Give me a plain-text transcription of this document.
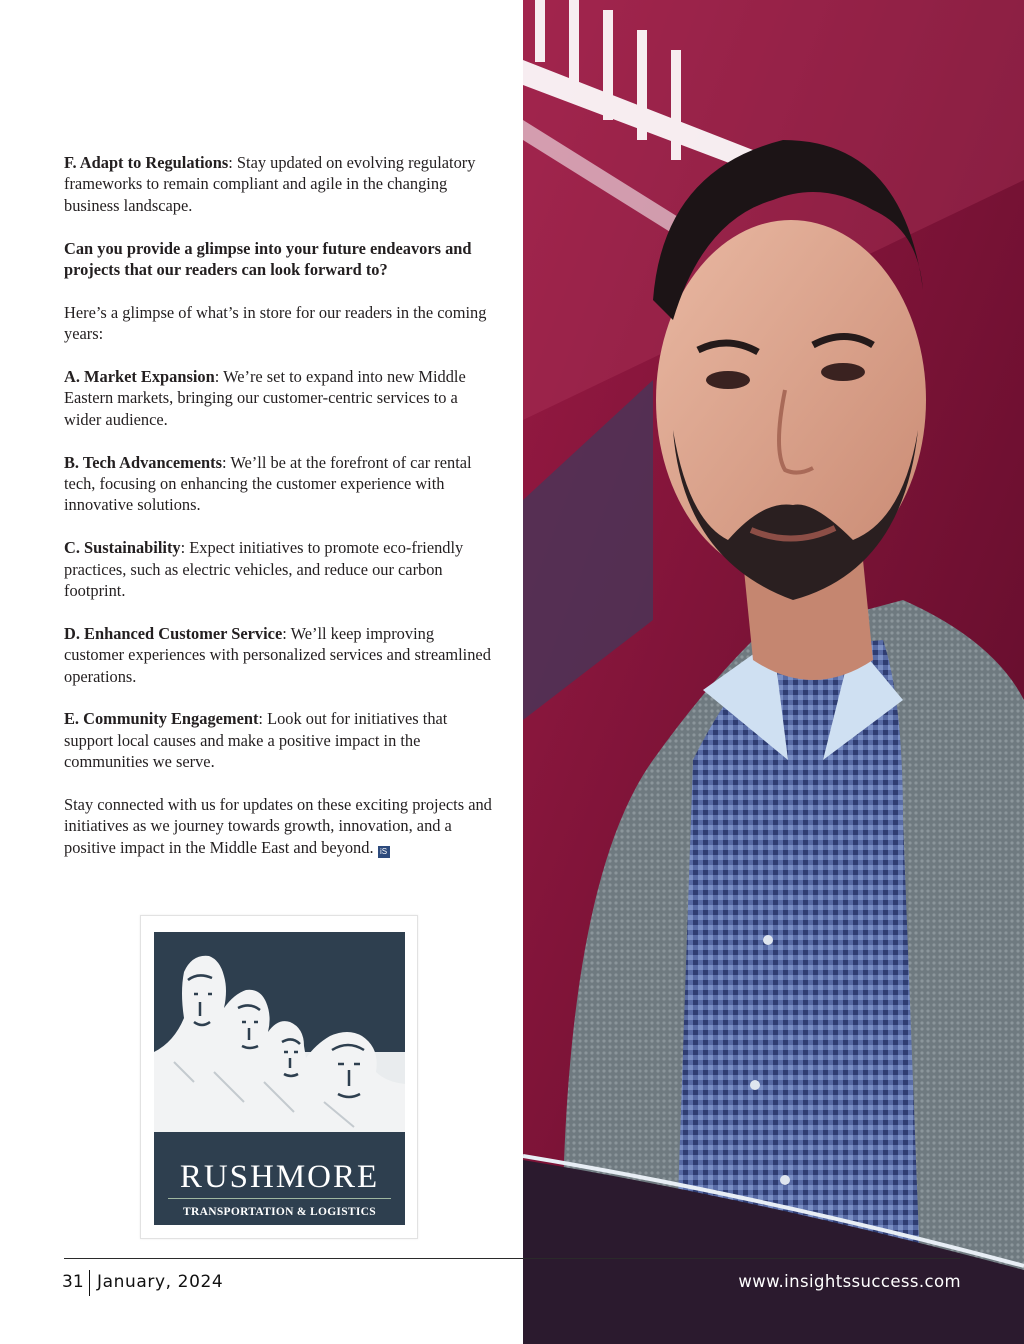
F. Adapt to Regulations: Stay updated on evolving regulatory frameworks to remain compliant and agile in the changing business landscape.

Can you provide a glimpse into your future endeavors and projects that our readers can look forward to?

Here’s a glimpse of what’s in store for our readers in the coming years:

A. Market Expansion: We’re set to expand into new Middle Eastern markets, bringing our customer-centric services to a wider audience.

B. Tech Advancements: We’ll be at the forefront of car rental tech, focusing on enhancing the customer experience with innovative solutions.

C. Sustainability: Expect initiatives to promote eco-friendly practices, such as electric vehicles, and reduce our carbon footprint.

D. Enhanced Customer Service: We’ll keep improving customer experiences with personalized services and streamlined operations.

E. Community Engagement: Look out for initiatives that support local causes and make a positive impact in the communities we serve.

Stay connected with us for updates on these exciting projects and initiatives as we journey towards growth, innovation, and a positive impact in the Middle East and beyond. iS

RUSHMORE
TRANSPORTATION & LOGISTICS
31 January, 2024	www.insightssuccess.com
